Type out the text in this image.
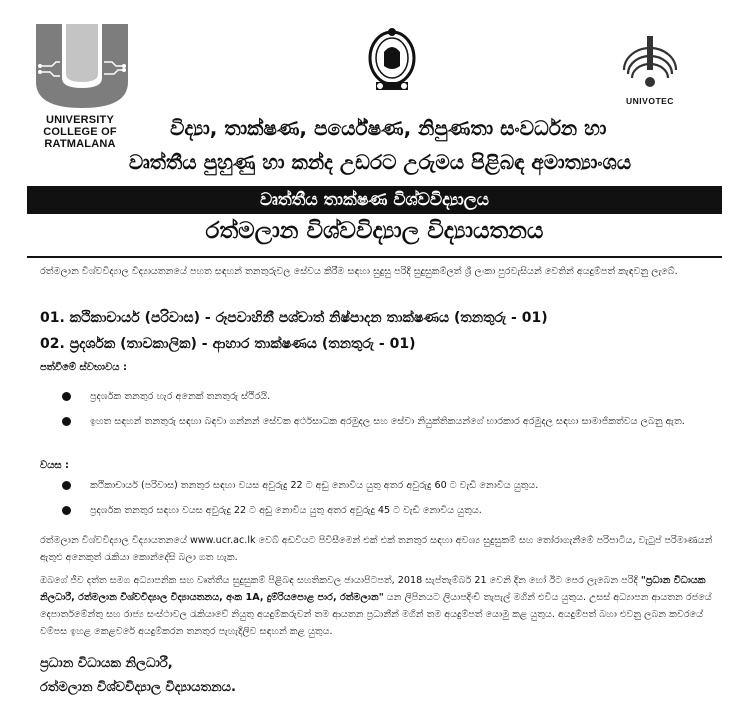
UNIVERSITY COLLEGE OF
RATMALANA
UNIVOTEC
විද්‍යා, තාක්ෂණ, පර්යේෂණ, නිපුණතා සංවර්ධන හා
වෘත්තීය පුහුණු හා කන්ද උඩරට උරුමය පිළිබඳ අමාත්‍යාංශය
වෘත්තීය තාක්ෂණ විශ්වවිද්‍යාලය
රත්මලාන විශ්වවිද්‍යාල විද්‍යායතනය
රත්මලාන විශ්වවිද්‍යාල විද්‍යායතනයේ පහත සඳහන් තනතුරුවල සේවය කිරීම සඳහා සුදුසු පරිදි සුදුසුකම්ලත් ශ්‍රී ලංකා පුරවැසියන් වෙතින් අයදුම්පත් කැඳවනු ලැබේ.
01. කථිකාචාර්ය (පරිවාස) - රූපවාහිනී පශ්චාත් නිෂ්පාදන තාක්ෂණය (තනතුරු - 01)
02. ප්‍රදර්ශක (තාවකාලික) - ආහාර තාක්ෂණය (තනතුරු - 01)
පත්වීමේ ස්වභාවය :
ප්‍රදර්ශක තනතුර හැර අනෙක් තනතුරු ස්ථිරයි.
ඉහත සඳහන් තනතුරු සඳහා බඳවා ගන්නන් සේවක අර්ථසාධක අරමුදල සහ සේවා නියුක්තිකයන්ගේ භාරකාර අරමුදල සඳහා සාමාජිකත්වය ලබනු ඇත.
වයස :
කථිකාචාර්ය (පරිවාස) තනතුර සඳහා වයස අවුරුදු 22 ට අඩු නොවිය යුතු අතර අවුරුදු 60 ට වැඩි නොවිය යුතුය.
ප්‍රදර්ශක තනතුර සඳහා වයස අවුරුදු 22 ට අඩු නොවිය යුතු අතර අවුරුදු 45 ට වැඩි නොවිය යුතුය.
රත්මලාන විශ්වවිද්‍යාල විද්‍යායතනයේ www.ucr.ac.lk වෙබ් අඩවියට පිවිසීමෙන් එක් එක් තනතුර සඳහා අවශ්‍ය සුදුසුකම් සහ තෝරාගැනීමේ පරිපාටිය, වැටුප් පරිමාණයන් ඇතුළු අනෙකුත් රැකියා කොන්දේසි බලා ගත හැක.
ඔබගේ ජීව දත්ත සමග අධ්‍යාපනික සහ වෘත්තීය සුදුසුකම් පිළිබඳ සහතිකවල ඡායාපිටපත්, 2018 සැප්තැම්බර් 21 වෙනි දින හෝ ඊට පෙර ලැබෙන පරිදි "ප්‍රධාන විධායක නිලධාරී, රත්මලාන විශ්වවිද්‍යාල විද්‍යායතනය, අංක 1A, දුම්රියපොළ පාර, රත්මලාන" යන ලිපිනයට ලියාපදිංචි තැපැල් මගින් එවිය යුතුය. උසස් අධ්‍යාපන ආයතන රජයේ දෙපාර්තමේන්තු සහ රාජ්‍ය සංස්ථාවල රැකියාවේ නියුතු අයදුම්කරුවන් තම ආයතන ප්‍රධානීන් මගින් තම අයදුම්පත් යොමු කළ යුතුය. අයදුම්පත් බහා එවනු ලබන කවරයේ වම්පස ඉහළ කෙළවරේ අයදුම්කරන තනතුර පැහැදිලිව සඳහන් කළ යුතුය.
ප්‍රධාන විධායක නිලධාරී,
රත්මලාන විශ්වවිද්‍යාල විද්‍යායතනය.
